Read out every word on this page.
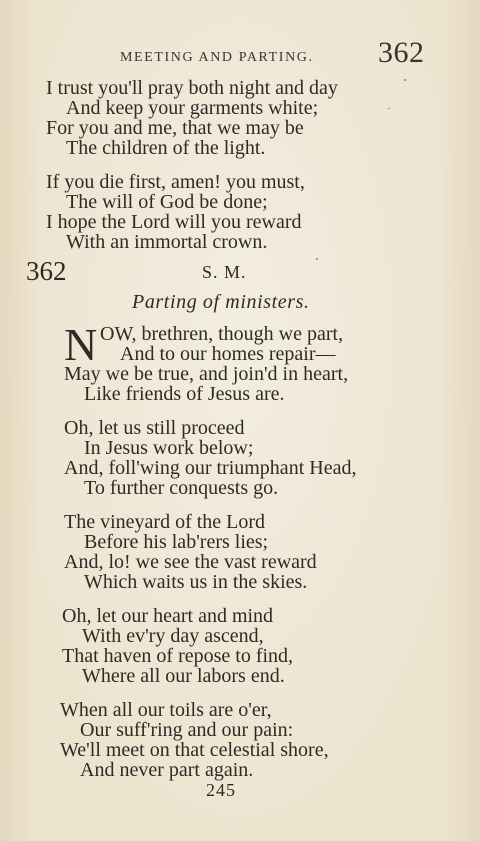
MEETING AND PARTING. 362
I trust you'll pray both night and day
And keep your garments white;
For you and me, that we may be
The children of the light.
If you die first, amen! you must,
The will of God be done;
I hope the Lord will you reward
With an immortal crown.
362	S. M.
Parting of ministers.
N OW, brethren, though we part,
And to our homes repair—
May we be true, and join'd in heart,
Like friends of Jesus are.
Oh, let us still proceed
In Jesus work below;
And, foll'wing our triumphant Head,
To further conquests go.
The vineyard of the Lord
Before his lab'rers lies;
And, lo! we see the vast reward
Which waits us in the skies.
Oh, let our heart and mind
With ev'ry day ascend,
That haven of repose to find,
Where all our labors end.
When all our toils are o'er,
Our suff'ring and our pain:
We'll meet on that celestial shore,
And never part again.
245
